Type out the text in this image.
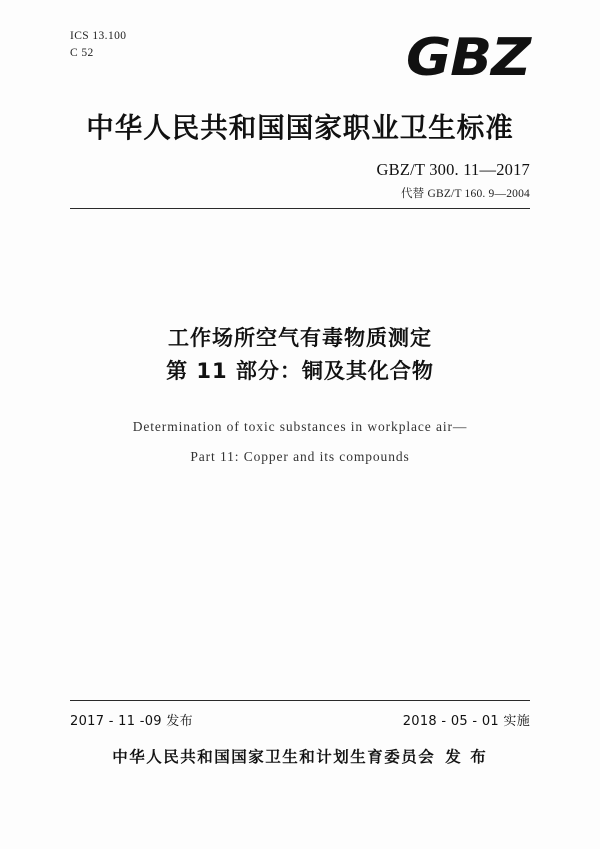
ICS 13.100
C 52	GBZ
中华人民共和国国家职业卫生标准
GBZ/T 300. 11—2017
代替 GBZ/T 160. 9—2004
工作场所空气有毒物质测定
第 11 部分：铜及其化合物
Determination of toxic substances in workplace air—
Part 11: Copper and its compounds
2017 - 11 -09 发布	2018 - 05 - 01 实施
中华人民共和国国家卫生和计划生育委员会 发 布
